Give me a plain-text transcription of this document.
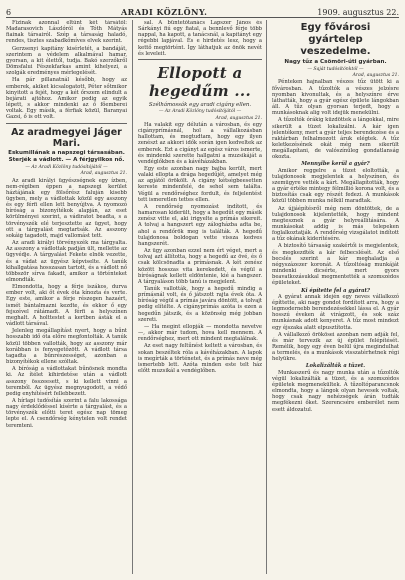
6	ARADI KÖZLÖNY.	1909. augusztus 22.

Fizinak azonnal eltűnt két társától: Madarasovich Lászlóról és Tóth Mátyás fiainak társairól. Szép a társaság haladó, rendes, tisztes szabadkőmíves elvek szerint.

Gerzsenyi kapitány kisérletét, a bandáját, szerintem a védelem alkalmával hamar, gyorsan, a kit élettől, tudja. Bakó szerzőkről Dömsfalui Fészekfarkas amint kihelyezi, a szolgák eredményes mérlegelését.

Ha pár pillanatnál később, hogy az emberek, akiket kicsalogatott, Péter sőtmikor kinyitott a fejét, hogy a két őrszem elindult a bejárati ajtóhoz. Amikor pedig az egyik lépett, s akkor mindenki az ő főemberei voltak. Egy másik, a férfiak közül, Baranyai Gazsi, ő is ott volt.

Az aradmegyei Jáger Mari.
Eskumillának a napszegi társasában.
Sterjék a vádlott. — A férjgyilkos nő.
— Az Aradi Közlöny tudósítójától —
Arad, augusztus 21.

Az aradi királyi ügyészségnek egy ízben, nem-régiben éppen a napszegi kerület háztájának egy fölsőrész faluján kisebb ügyben, mely a vádlottak közül egy asszony és egy férfi ellen lett benyújtva. A nyomozó bíróság a bizonyítékok alapján, az eset körülményei szerint, a vádiratot beadta, s a törvényszék elé terjesztette az ügyet, hogy ott a tárgyalást megtartsák. Az asszony sokáig tagadott, majd vallomást tett.

Az aradi királyi törvényszék ma tárgyalta. Az asszony a vádlottak padján ült, mellette az ügyvédje. A tárgyalást Fekete elnök vezette, és a vádat az ügyész képviselte. A tanúk kihallgatása hosszasan tartott, és a vádlott nő többször sírva fakadt, amikor a történteket elmondták.

Elmondotta, hogy a férje iszákos, durva ember volt, aki őt évek óta kínozta és verte. Egy este, amikor a férje részegen hazaért, ismét bántalmazni kezdte, és ekkor ő egy fejszével rátámadt. A férfi a helyszínen meghalt. A holttestet a kertben ásták el a vádlott társával.

Jelenleg megállapítást nyert, hogy a bűnt hosszabb idő óta előre megfontolták. A tanúk közül többen vallották, hogy az asszony már korábban is fenyegetőzött. A vádlott társa tagadta a bűnrészességet, azonban a bizonyítékok ellene szóltak.

A bíróság a vádlottakat bűnösnek mondta ki. Az ítélet kihirdetése után a vádlott asszony összeesett, s ki kellett vinni a teremből. Az ügyész megnyugodott, a védő pedig enyhítésért fellebbezett.

A hírlapi tudósítás szerint a falu lakossága nagy érdeklődéssel kísérte a tárgyalást, és a törvényszék előtti teret egész nap tömeg lepte el. A csendőrség kénytelen volt rendet teremteni.

sal. A büntetőtanács Lapszer János és Sárkányi fiú egy fiatal, a bennlevő férje több nappal, ha kapott, a tanácsnál, a kapitányt egy régebbi lapjával. És e hirdetés lesz, hogy a kettő megtörtént. Így láthatjuk az önök nevét és leveleit.

Ellopott a hegedűm ...
Szélhámossák egy aradi cigány ellen.
— Az Aradi Közlöny tudósítójától —
Arad, augusztus 21.

Ha valakit egy délután a városban, és egy cigányprímásnál, hol a vállalkozásban hallottam, és megtudtam, hogy egy ilyen zenészt az akkori idők során igen kedveltek az emberek. Ezt a cigányt az egész város ismerte, és mindenki szerette hallgatni a muzsikáját a vendéglőkben és a kávéházakban.

Egy este azonban nagy bajba került, mert valaki ellopta a drága hegedűjét, amelyet még az apjától örökölt. A cigány kétségbeesetten kereste mindenfelé, de sehol sem találta. Végül a rendőrséghez fordult, és feljelentést tett ismeretlen tettes ellen.

A rendőrség nyomozást indított, és hamarosan kiderült, hogy a hegedűt egy másik zenész vitte el, aki irigyelte a prímás sikereit. A tolvaj a hangszert egy zálogházba adta be, ahol a rendőrök meg is találták. A hegedű tulajdonosa boldogan vette vissza kedves hangszerét.

Az ügy azonban ezzel nem ért véget, mert a tolvaj azt állította, hogy a hegedű az övé, és ő csak kölcsönadta a prímásnak. A két zenész között hosszas vita kerekedett, és végül a bíróságnak kellett eldöntenie, kié a hangszer. A tárgyaláson több tanú is megjelent.

Tanúk vallották, hogy a hegedű mindig a prímásnál volt, és ő játszott rajta évek óta. A bíróság végül a prímás javára döntött, a tolvajt pedig elítélte. A cigányprímás azóta is ezen a hegedűn játszik, és a közönség még jobban szereti.

— Ha megint ellopják — mondotta nevetve —, akkor már tudom, hova kell mennem. A rendőrséghez, mert ott mindent megtalálnak.

Az eset nagy feltűnést keltett a városban, és sokan beszéltek róla a kávéházakban. A lapok is megírták a történetet, és a prímás neve még ismertebb lett. Azóta minden este telt ház előtt muzsikál a vendéglőben.

Egy fővárosi gyártelep veszedelme.
Nagy tűz a Csömöri-úti gyárban.
— Saját tudósítónktól —
Arad, augusztus 21.

Pénteken hajnalban vészes tűz ütött ki a fővárosban. A tűzoltók a vészes jelzésre nyomban kivonultak, és a helyszínre érve láthatták, hogy a gyár egész épülete lángokban áll. A tűz olyan gyorsan terjedt, hogy a munkásoknak alig volt idejük menekülni.

A tűzoltók órákig küzdöttek a lángokkal, mire sikerült a tüzet lokalizálni. A kár igen jelentékeny, mert a gyár teljes berendezése és a raktárban felhalmozott áruk elégtek. A tűz keletkezésének okát még nem sikerült megállapítani, de valószínűleg gondatlanság okozta.

Mennyibe kerül a gyár?

Amikor reggelre a tüzet eloltották, a tulajdonosok megjelentek a helyszínen, és szemügyre vették a kárt. Megállapították, hogy a gyár értéke mintegy félmillió korona volt, és a biztosítás csak egy részét fedezi. A munkások közül többen munka nélkül maradtak.

Az újjáépítésről még nem döntöttek, de a tulajdonosok kijelentették, hogy mindent megtesznek a gyár helyreállítására. A munkásokat addig is más telepeken foglalkoztatják. A rendőrség vizsgálatot indított a tűz okának kiderítésére.

A biztosító társaság szakértői is megjelentek, és megkezdték a kár felbecslését. Az első becslés szerint a kár meghaladja a négyszázezer koronát. A tűzoltóság munkáját mindenki dicsérte, mert gyors beavatkozásukkal megmentették a szomszédos épületeket.

Ki építette fel a gyárat?

A gyárat annak idején egy neves vállalkozó építtette, aki nagy gondot fordított arra, hogy a legmodernebb berendezésekkel lássa el. A gyár hosszú éveken át virágzott, és sok száz munkásnak adott kenyeret. A tűz most mindezt egy éjszaka alatt elpusztította.

A vállalkozó örökösei azonban nem adják fel, és már tervezik az új épület felépítését. Remélik, hogy egy éven belül újra megindulhat a termelés, és a munkások visszatérhetnek régi helyükre.

Lokalizálták a tüzet.

Munkaszerű és nagy munka után a tűzoltók végül lokalizálták a tüzet, és a szomszédos épületek megmenekültek. A tűzoltóparancsnok elmondta, hogy a lángok olyan hevesek voltak, hogy csak nagy nehézségek árán tudták megfékezni őket. Szerencsére emberélet nem esett áldozatul.
